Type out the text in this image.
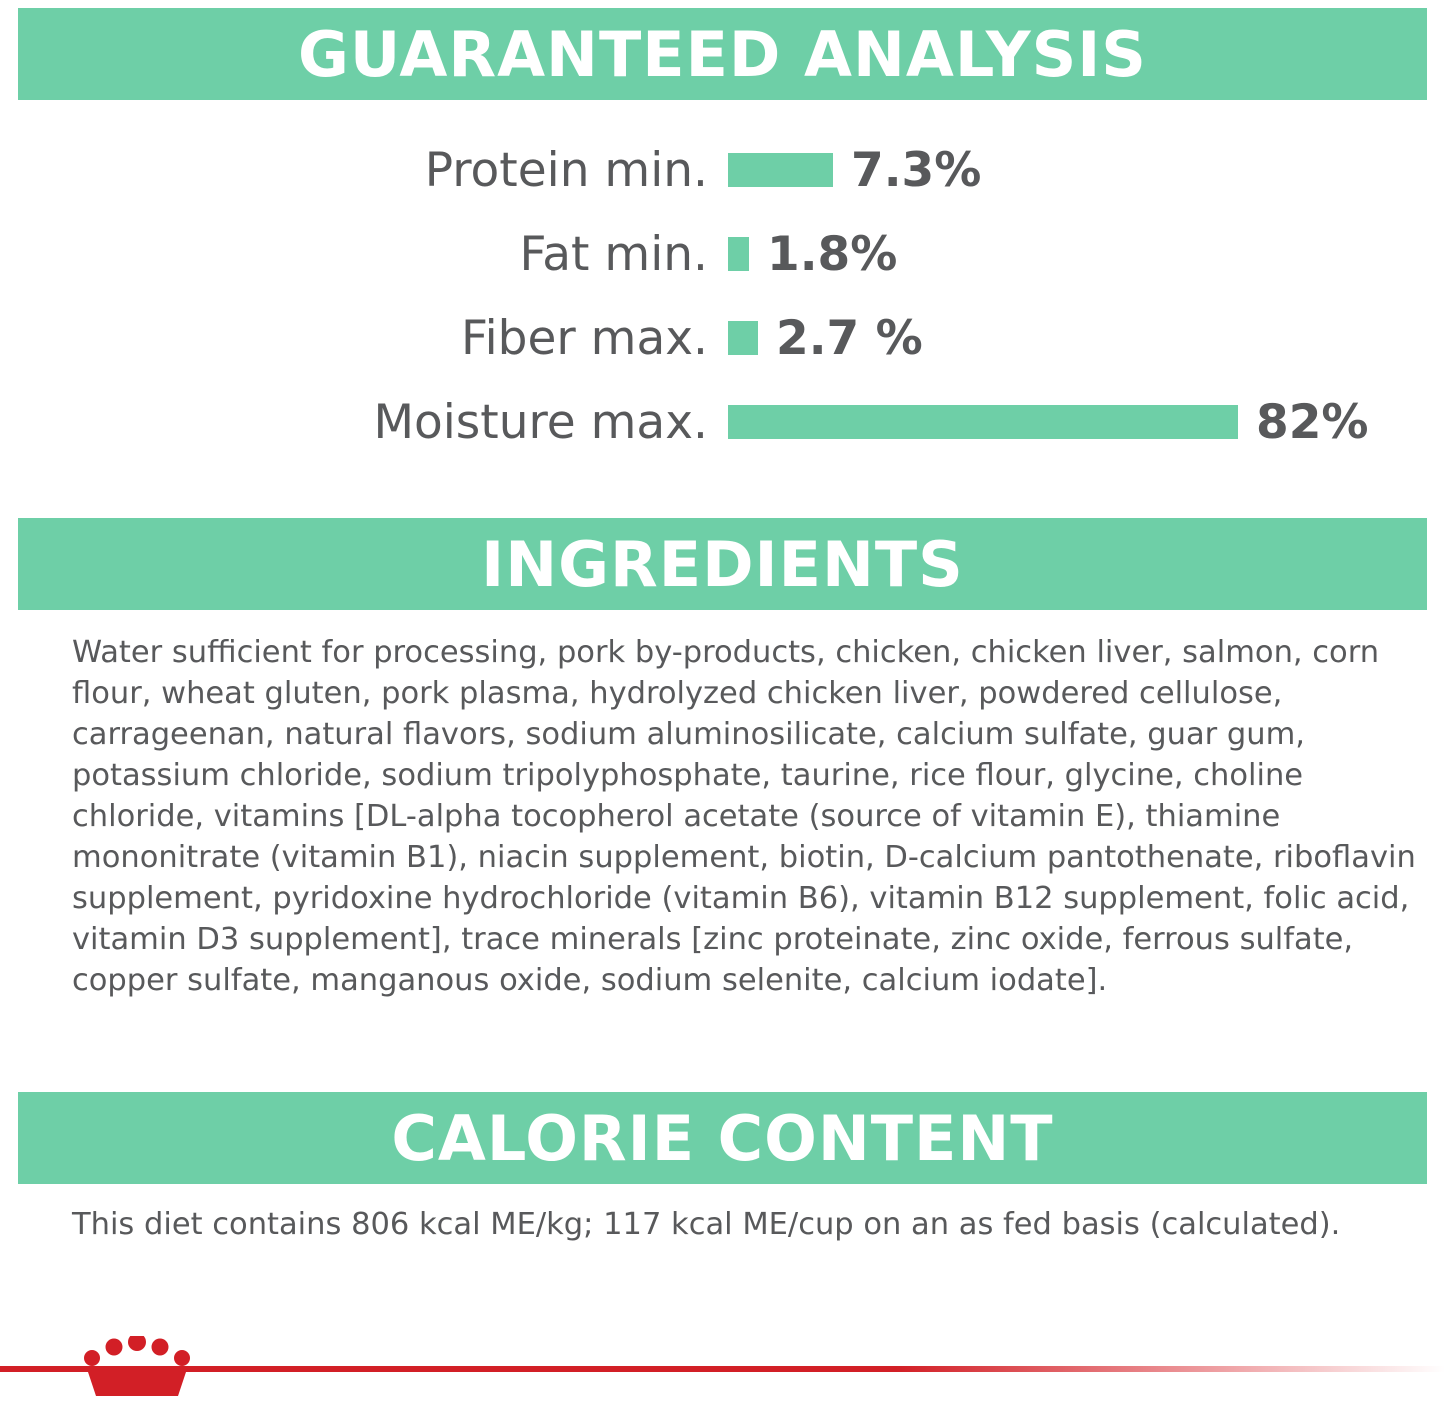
GUARANTEED ANALYSIS
Protein min.	7.3%
Fat min.	1.8%
Fiber max.	2.7 %
Moisture max.	82%
INGREDIENTS
Water sufficient for processing, pork by-products, chicken, chicken liver, salmon, corn flour, wheat gluten, pork plasma, hydrolyzed chicken liver, powdered cellulose, carrageenan, natural flavors, sodium aluminosilicate, calcium sulfate, guar gum, potassium chloride, sodium tripolyphosphate, taurine, rice flour, glycine, choline chloride, vitamins [DL-alpha tocopherol acetate (source of vitamin E), thiamine mononitrate (vitamin B1), niacin supplement, biotin, D-calcium pantothenate, riboflavin supplement, pyridoxine hydrochloride (vitamin B6), vitamin B12 supplement, folic acid, vitamin D3 supplement], trace minerals [zinc proteinate, zinc oxide, ferrous sulfate, copper sulfate, manganous oxide, sodium selenite, calcium iodate].
CALORIE CONTENT
This diet contains 806 kcal ME/kg; 117 kcal ME/cup on an as fed basis (calculated).
